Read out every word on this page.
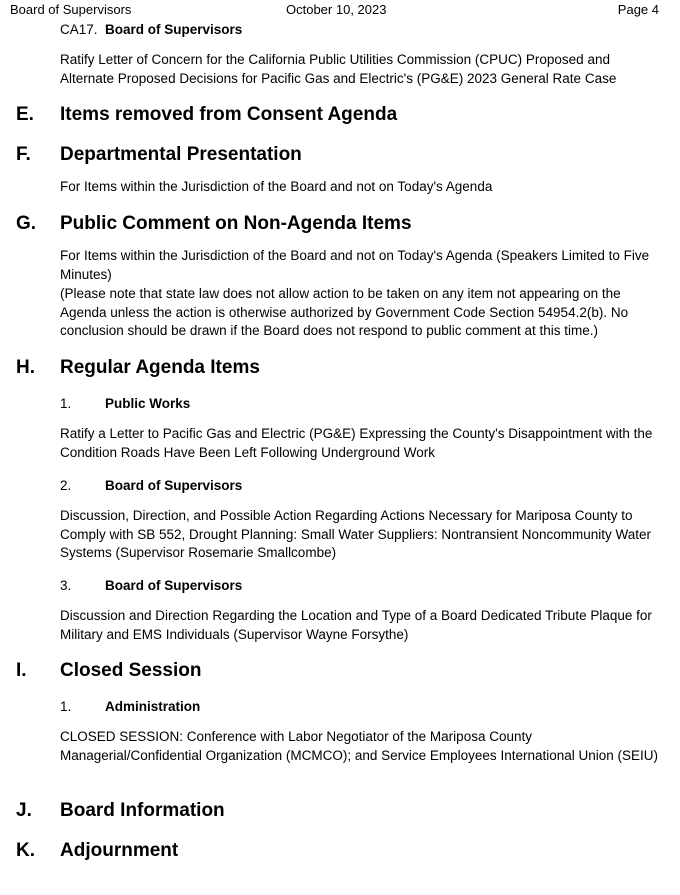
Board of Supervisors	October 10, 2023	Page 4
CA17. Board of Supervisors
Ratify Letter of Concern for the California Public Utilities Commission (CPUC) Proposed and Alternate Proposed Decisions for Pacific Gas and Electric's (PG&E) 2023 General Rate Case
E. Items removed from Consent Agenda
F. Departmental Presentation
For Items within the Jurisdiction of the Board and not on Today's Agenda
G. Public Comment on Non-Agenda Items
For Items within the Jurisdiction of the Board and not on Today's Agenda (Speakers Limited to Five Minutes)
(Please note that state law does not allow action to be taken on any item not appearing on the Agenda unless the action is otherwise authorized by Government Code Section 54954.2(b). No conclusion should be drawn if the Board does not respond to public comment at this time.)
H. Regular Agenda Items
1. Public Works
Ratify a Letter to Pacific Gas and Electric (PG&E) Expressing the County's Disappointment with the Condition Roads Have Been Left Following Underground Work
2. Board of Supervisors
Discussion, Direction, and Possible Action Regarding Actions Necessary for Mariposa County to Comply with SB 552, Drought Planning: Small Water Suppliers: Nontransient Noncommunity Water Systems (Supervisor Rosemarie Smallcombe)
3. Board of Supervisors
Discussion and Direction Regarding the Location and Type of a Board Dedicated Tribute Plaque for Military and EMS Individuals (Supervisor Wayne Forsythe)
I. Closed Session
1. Administration
CLOSED SESSION: Conference with Labor Negotiator of the Mariposa County Managerial/Confidential Organization (MCMCO); and Service Employees International Union (SEIU)
J. Board Information
K. Adjournment
